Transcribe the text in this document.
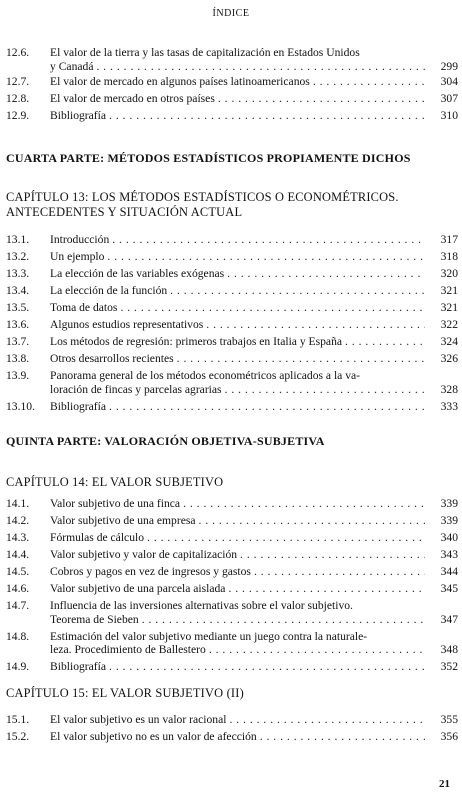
ÍNDICE
12.6.	El valor de la tierra y las tasas de capitalización en Estados Unidos
y Canadá . . .	299
12.7.	El valor de mercado en algunos países latinoamericanos . . .	304
12.8.	El valor de mercado en otros países . . .	307
12.9.	Bibliografía . . .	310
CUARTA PARTE: MÉTODOS ESTADÍSTICOS PROPIAMENTE DICHOS
CAPÍTULO 13: LOS MÉTODOS ESTADÍSTICOS O ECONOMÉTRICOS.
ANTECEDENTES Y SITUACIÓN ACTUAL
13.1.	Introducción . . .	317
13.2.	Un ejemplo . . .	318
13.3.	La elección de las variables exógenas . . .	320
13.4.	La elección de la función . . .	321
13.5.	Toma de datos . . .	321
13.6.	Algunos estudios representativos . . .	322
13.7.	Los métodos de regresión: primeros trabajos en Italia y España . . .	324
13.8.	Otros desarrollos recientes . . .	326
13.9.	Panorama general de los métodos econométricos aplicados a la va-
loración de fincas y parcelas agrarias . . .	328
13.10.	Bibliografía . . .	333
QUINTA PARTE: VALORACIÓN OBJETIVA-SUBJETIVA
CAPÍTULO 14: EL VALOR SUBJETIVO
14.1.	Valor subjetivo de una finca . . .	339
14.2.	Valor subjetivo de una empresa . . .	339
14.3.	Fórmulas de cálculo . . .	340
14.4.	Valor subjetivo y valor de capitalización . . .	343
14.5.	Cobros y pagos en vez de ingresos y gastos . . .	344
14.6.	Valor subjetivo de una parcela aislada . . .	345
14.7.	Influencia de las inversiones alternativas sobre el valor subjetivo.
Teorema de Sieben . . .	347
14.8.	Estimación del valor subjetivo mediante un juego contra la naturale-
leza. Procedimiento de Ballestero . . .	348
14.9.	Bibliografía . . .	352
CAPÍTULO 15: EL VALOR SUBJETIVO (II)
15.1.	El valor subjetivo es un valor racional . . .	355
15.2.	El valor subjetivo no es un valor de afección . . .	356
21
